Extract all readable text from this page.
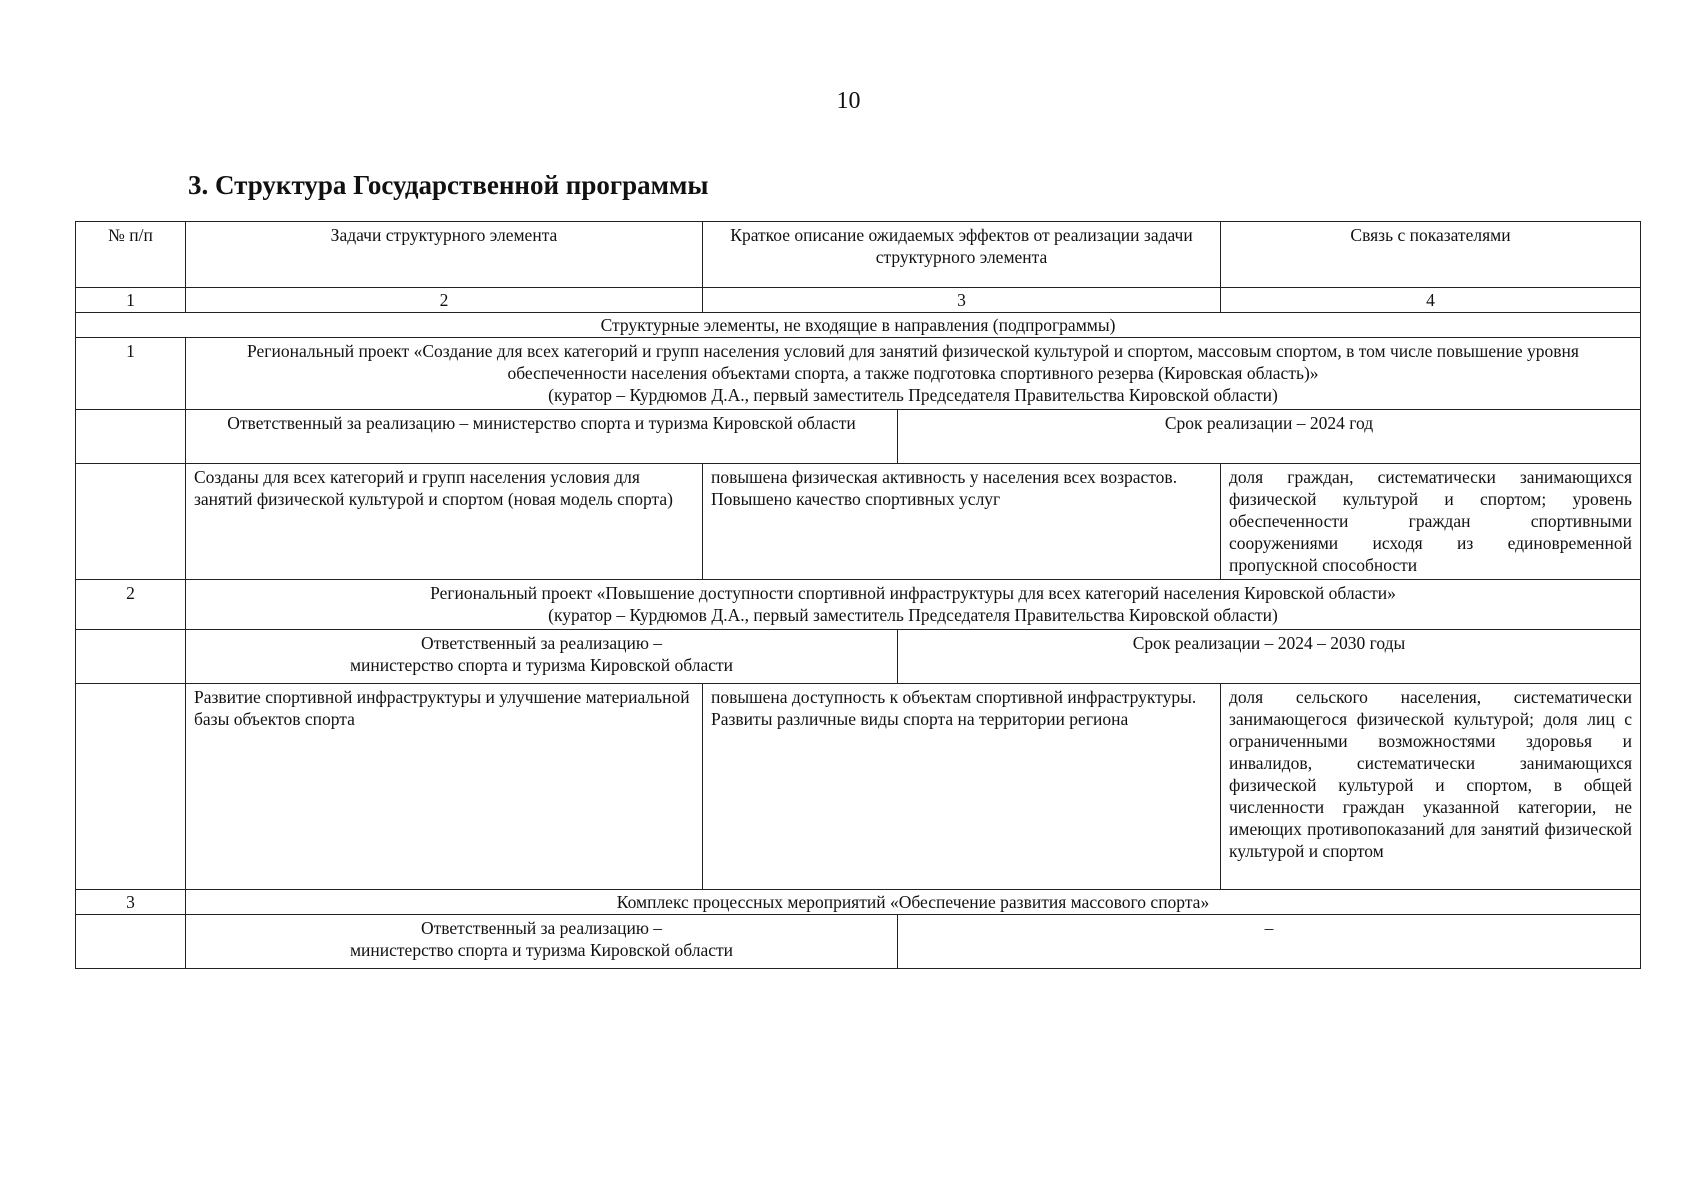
10
3. Структура Государственной программы
№ п/п	Задачи структурного элемента	Краткое описание ожидаемых эффектов от реализации задачи структурного элемента		Связь с показателями
1	2	3		4
Структурные элементы, не входящие в направления (подпрограммы)				
1	Региональный проект «Создание для всех категорий и групп населения условий для занятий физической культурой и спортом, массовым спортом, в том числе повышение уровня обеспеченности населения объектами спорта, а также подготовка спортивного резерва (Кировская область)»
(куратор – Курдюмов Д.А., первый заместитель Председателя Правительства Кировской области)			

	Ответственный за реализацию – министерство спорта и туризма Кировской области		Срок реализации – 2024 год	
	Созданы для всех категорий и групп населения условия для занятий физической культурой и спортом (новая модель спорта)	повышена физическая активность у населения всех возрастов. Повышено качество спортивных услуг		доля граждан, систематически занимающихся физической культурой и спортом; уровень обеспеченности граждан спортивными сооружениями исходя из единовременной пропускной способности
2	Региональный проект «Повышение доступности спортивной инфраструктуры для всех категорий населения Кировской области»
(куратор – Курдюмов Д.А., первый заместитель Председателя Правительства Кировской области)			

	Ответственный за реализацию –
министерство спорта и туризма Кировской области		Срок реализации – 2024 – 2030 годы	
	Развитие спортивной инфраструктуры и улучшение материальной базы объектов спорта	повышена доступность к объектам спортивной инфраструктуры. Развиты различные виды спорта на территории региона		доля сельского населения, систематически занимающегося физической культурой; доля лиц с ограниченными возможностями здоровья и инвалидов, систематически занимающихся физической культурой и спортом, в общей численности граждан указанной категории, не имеющих противопоказаний для занятий физической культурой и спортом
3	Комплекс процессных мероприятий «Обеспечение развития массового спорта»			

	Ответственный за реализацию –
министерство спорта и туризма Кировской области		–	
